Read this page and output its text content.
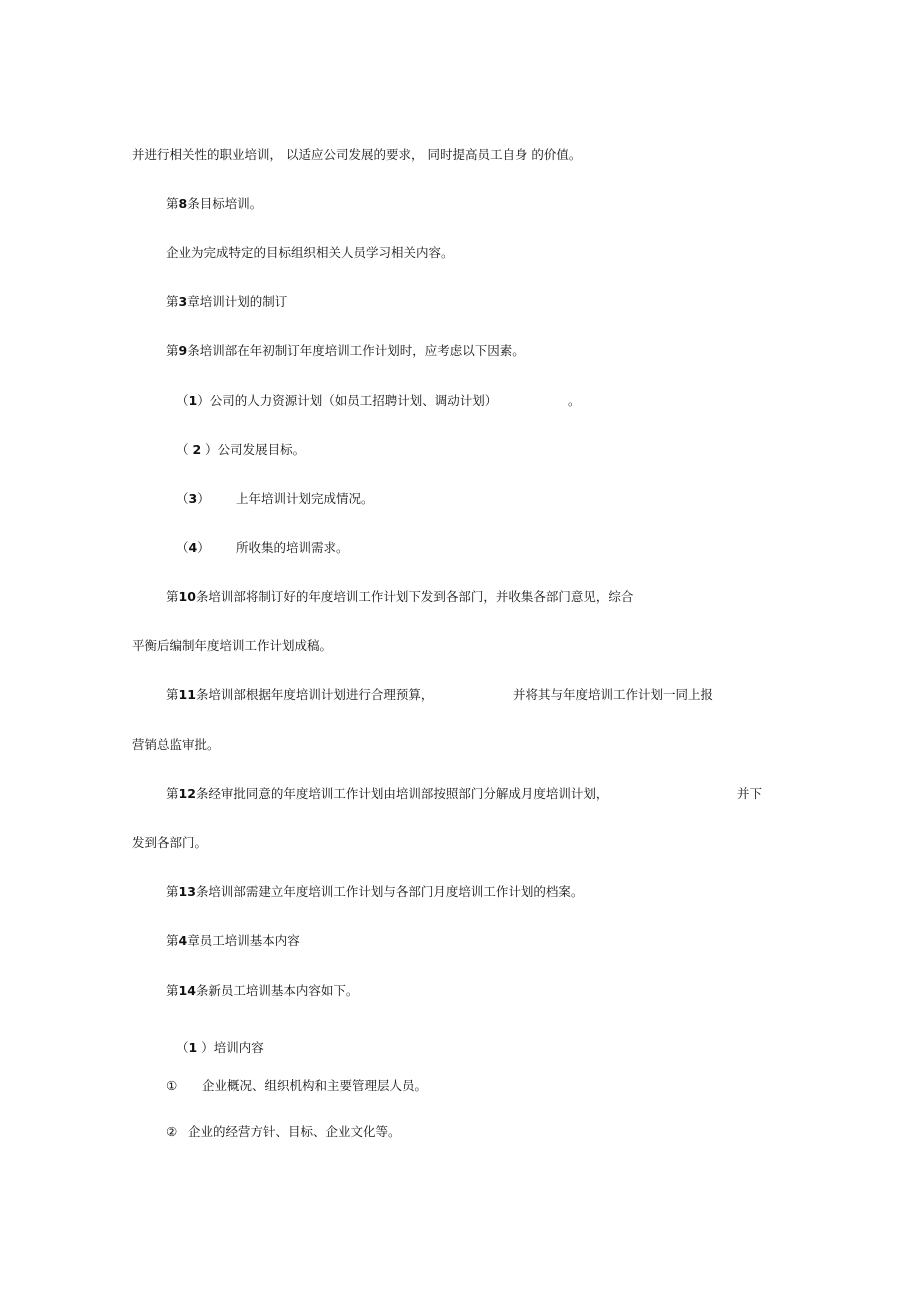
并进行相关性的职业培训， 以适应公司发展的要求， 同时提高员工自身 的价值。
第8条目标培训。
企业为完成特定的目标组织相关人员学习相关内容。
第3章培训计划的制订
第9条培训部在年初制订年度培训工作计划时，应考虑以下因素。
（1）公司的人力资源计划（如员工招聘计划、调动计划）	。
（ 2 ）公司发展目标。
（3） 上年培训计划完成情况。
（4） 所收集的培训需求。
第10条培训部将制订好的年度培训工作计划下发到各部门，并收集各部门意见，综合
平衡后编制年度培训工作计划成稿。
第11条培训部根据年度培训计划进行合理预算，	并将其与年度培训工作计划一同上报
营销总监审批。
第12条经审批同意的年度培训工作计划由培训部按照部门分解成月度培训计划，	并下
发到各部门。
第13条培训部需建立年度培训工作计划与各部门月度培训工作计划的档案。
第4章员工培训基本内容
第14条新员工培训基本内容如下。
（1 ）培训内容
① 企业概况、组织机构和主要管理层人员。
② 企业的经营方针、目标、企业文化等。
